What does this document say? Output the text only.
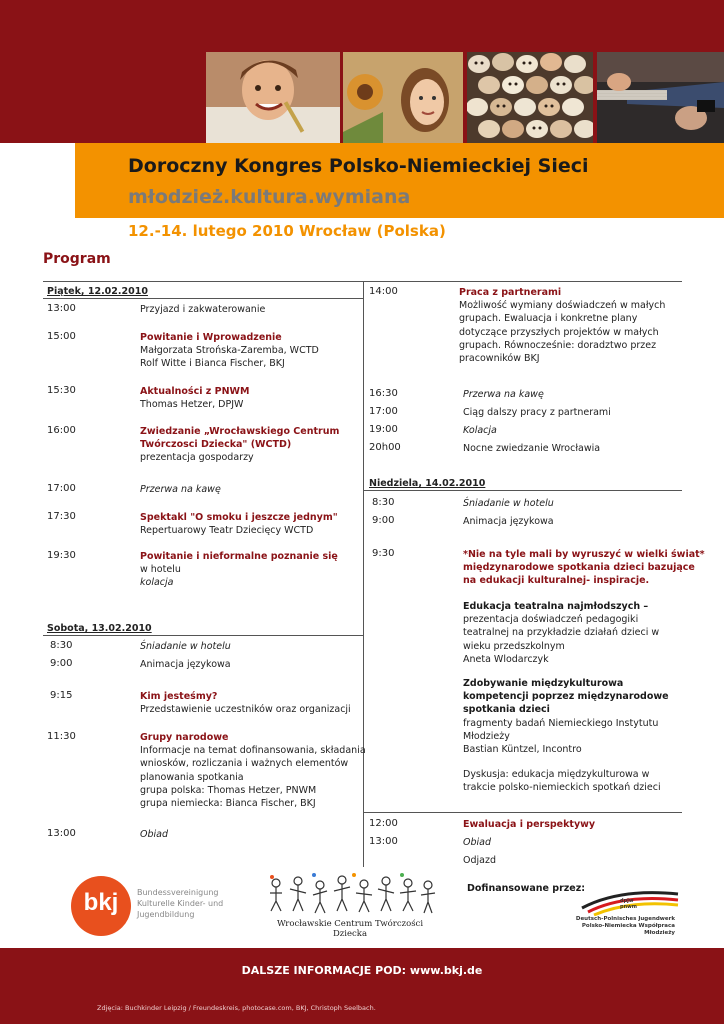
Doroczny Kongres Polsko-Niemieckiej Sieci
młodzież.kultura.wymiana
12.-14. lutego 2010 Wrocław (Polska)
Program
Piątek, 12.02.2010
13:00	Przyjazd i zakwaterowanie
15:00	Powitanie i Wprowadzenie
Małgorzata Strońska-Zaremba, WCTD
Rolf Witte i Bianca Fischer, BKJ
15:30	Aktualności z PNWM
Thomas Hetzer, DPJW
16:00	Zwiedzanie „Wrocławskiego Centrum
Twórczosci Dziecka" (WCTD)
prezentacja gospodarzy
17:00	Przerwa na kawę
17:30	Spektakl "O smoku i jeszcze jednym"
Repertuarowy Teatr Dziecięcy WCTD
19:30	Powitanie i nieformalne poznanie się
w hotelu
kolacja
Sobota, 13.02.2010
8:30	Śniadanie w hotelu
9:00	Animacja językowa
9:15	Kim jesteśmy?
Przedstawienie uczestników oraz organizacji
11:30	Grupy narodowe
Informacje na temat dofinansowania, składania
wniosków, rozliczania i ważnych elementów
planowania spotkania
grupa polska: Thomas Hetzer, PNWM
grupa niemiecka: Bianca Fischer, BKJ
13:00	Obiad
14:00	Praca z partnerami
Możliwość wymiany doświadczeń w małych
grupach. Ewaluacja i konkretne plany
dotyczące przyszłych projektów w małych
grupach. Równocześnie: doradztwo przez
pracowników BKJ
16:30	Przerwa na kawę
17:00	Ciąg dalszy pracy z partnerami
19:00	Kolacja
20h00	Nocne zwiedzanie Wrocławia
Niedziela, 14.02.2010
8:30	Śniadanie w hotelu
9:00	Animacja językowa
9:30	*Nie na tyle mali by wyruszyć w wielki świat*
międzynarodowe spotkania dzieci bazujące
na edukacji kulturalnej- inspiracje.
Edukacja teatralna najmłodszych –
prezentacja doświadczeń pedagogiki
teatralnej na przykładzie działań dzieci w
wieku przedszkolnym
Aneta Wlodarczyk
Zdobywanie międzykulturowa
kompetencji poprzez międzynarodowe
spotkania dzieci
fragmenty badań Niemieckiego Instytutu
Młodzieży
Bastian Küntzel, Incontro
Dyskusja: edukacja międzykulturowa w
trakcie polsko-niemieckich spotkań dzieci
12:00	Ewaluacja i perspektywy
13:00	Obiad
Odjazd
bkj	Bundessvereinigung
Kulturelle Kinder- und
Jugendbildung
Wrocławskie Centrum Twórczości Dziecka
Dofinansowane przez:
dpjw
pnwm
Deutsch-Polnisches Jugendwerk
Polsko-Niemiecka Współpraca Młodzieży
DALSZE INFORMACJE POD: www.bkj.de
Zdjęcia: Buchkinder Leipzig / Freundeskreis, photocase.com, BKJ, Christoph Seelbach.
